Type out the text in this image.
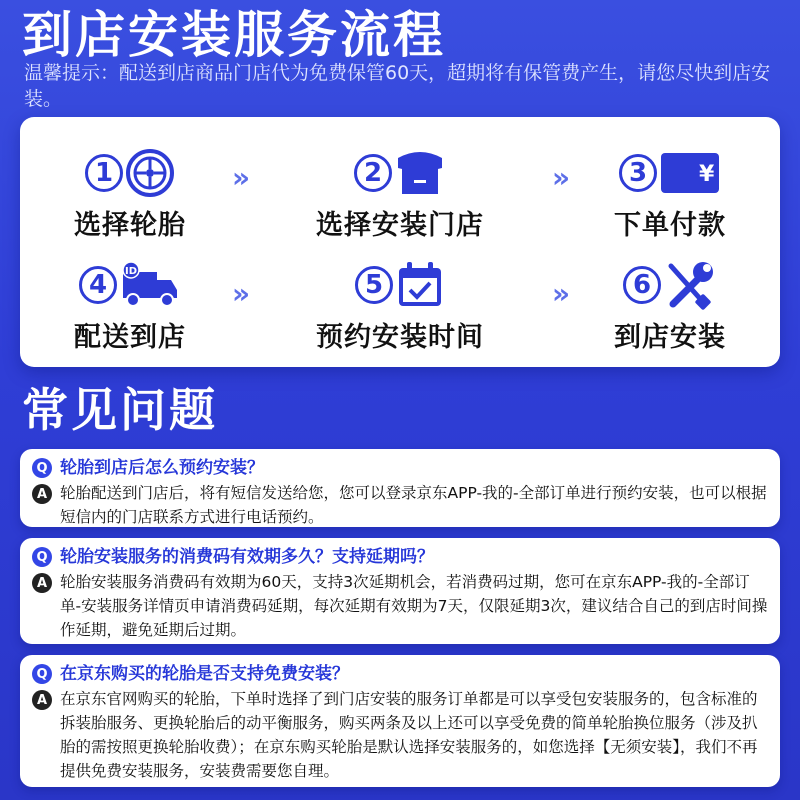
到店安装服务流程
温馨提示：配送到店商品门店代为免费保管60天，超期将有保管费产生，请您尽快到店安装。
1
选择轮胎
»	2
选择安装门店
»	3	¥
下单付款
4	ID
配送到店
»	5
预约安装时间
»	6
到店安装
常见问题
Q 轮胎到店后怎么预约安装？
A 轮胎配送到门店后，将有短信发送给您，您可以登录京东APP-我的-全部订单进行预约安装，也可以根据短信内的门店联系方式进行电话预约。
Q 轮胎安装服务的消费码有效期多久？支持延期吗？
A 轮胎安装服务消费码有效期为60天，支持3次延期机会，若消费码过期，您可在京东APP-我的-全部订单-安装服务详情页申请消费码延期，每次延期有效期为7天，仅限延期3次，建议结合自己的到店时间操作延期，避免延期后过期。
Q 在京东购买的轮胎是否支持免费安装？
A 在京东官网购买的轮胎，下单时选择了到门店安装的服务订单都是可以享受包安装服务的，包含标准的拆装胎服务、更换轮胎后的动平衡服务，购买两条及以上还可以享受免费的简单轮胎换位服务（涉及扒胎的需按照更换轮胎收费）；在京东购买轮胎是默认选择安装服务的，如您选择【无须安装】，我们不再提供免费安装服务，安装费需要您自理。
